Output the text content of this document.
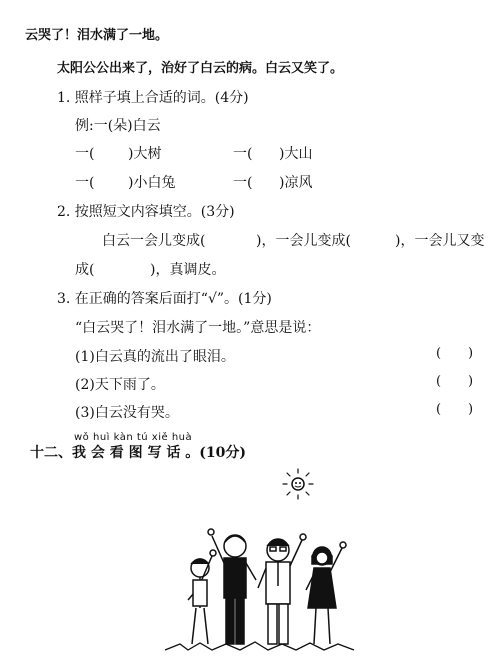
云哭了！泪水满了一地。
太阳公公出来了，治好了白云的病。白云又笑了。
1. 照样子填上合适的词。(4分)
例:一(朵)白云
一( )大树	一( )大山
一( )小白兔	一( )凉风
2. 按照短文内容填空。(3分)
白云一会儿变成(	)，一会儿变成(	)，一会儿又变
成(	)，真调皮。
3. 在正确的答案后面打“√”。(1分)
“白云哭了！泪水满了一地。”意思是说：
(1)白云真的流出了眼泪。	( )
(2)天下雨了。	( )
(3)白云没有哭。	( )
wǒ huì kàn tú xiě huà
十二、我 会 看 图 写 话 。(10分)
